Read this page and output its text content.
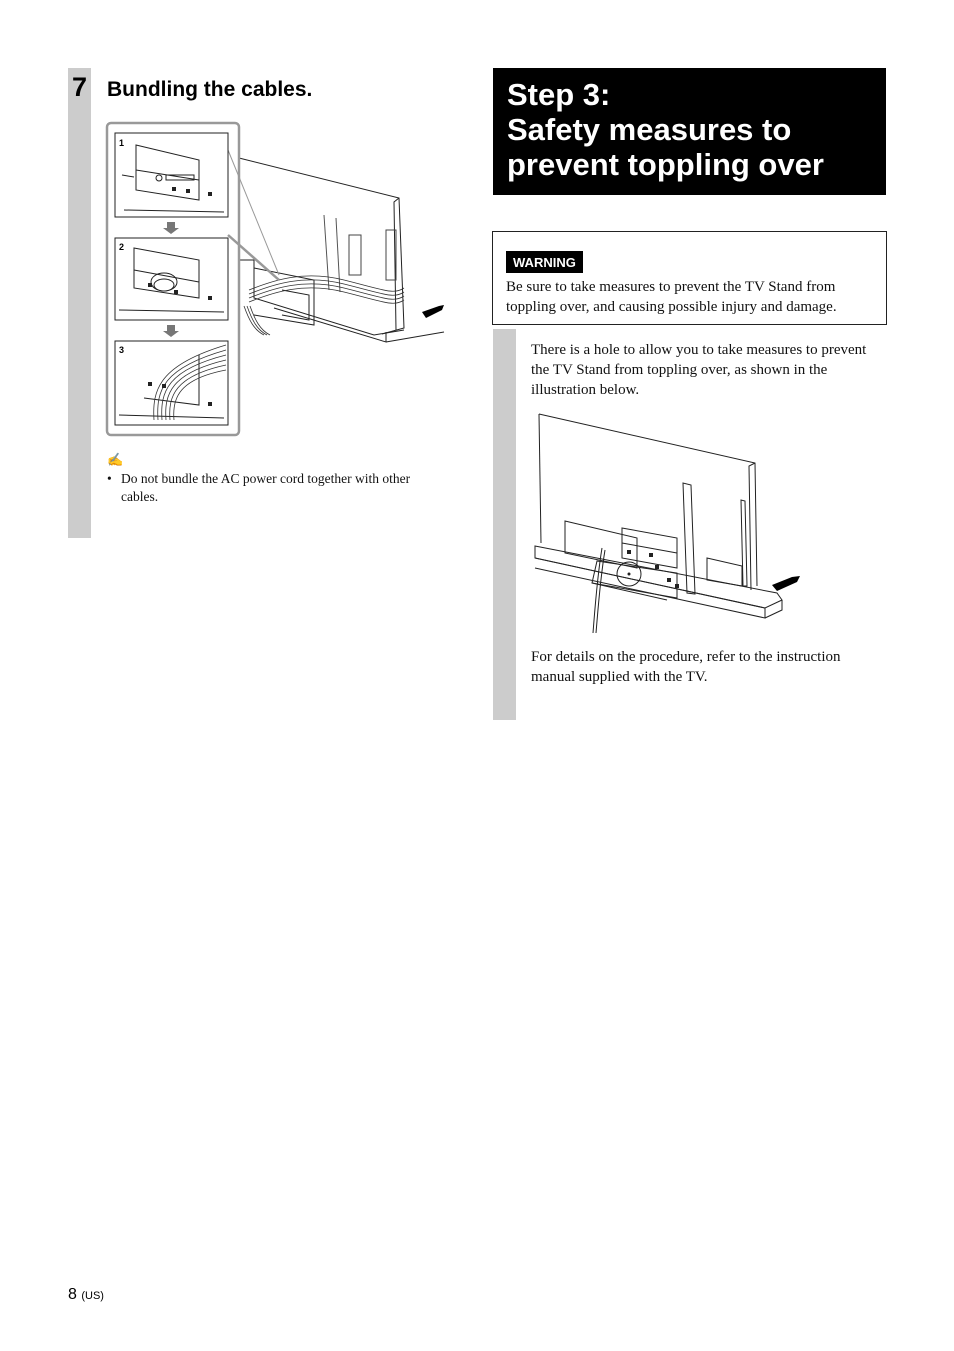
7 Bundling the cables.
1
2
3
✍
• Do not bundle the AC power cord together with other cables.
Step 3:
Safety measures to
prevent toppling over
WARNING
Be sure to take measures to prevent the TV Stand from toppling over, and causing possible injury and damage.
There is a hole to allow you to take measures to prevent the TV Stand from toppling over, as shown in the illustration below.
For details on the procedure, refer to the instruction manual supplied with the TV.
8 (US)
